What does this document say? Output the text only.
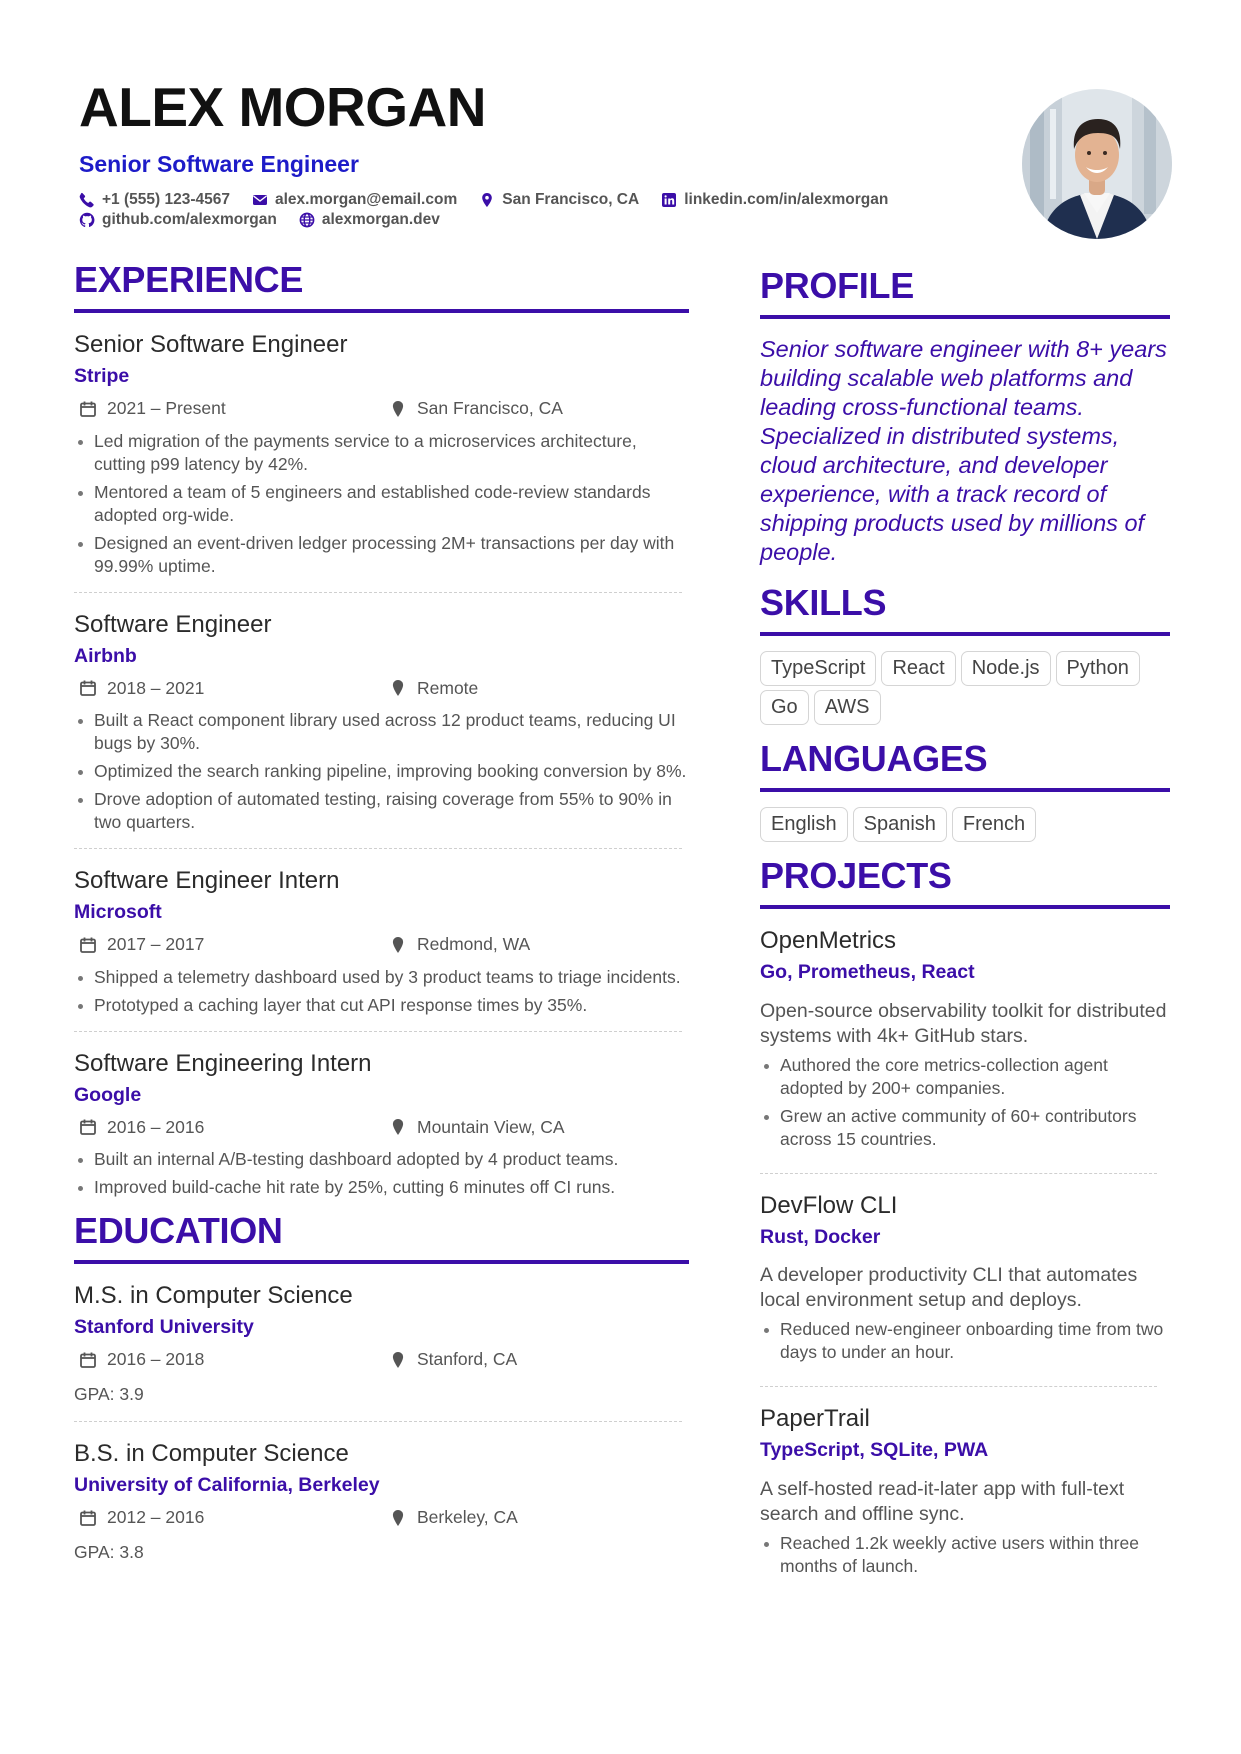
ALEX MORGAN
Senior Software Engineer
+1 (555) 123-4567	alex.morgan@email.com	San Francisco, CA	linkedin.com/in/alexmorgan
github.com/alexmorgan	alexmorgan.dev
EXPERIENCE
Senior Software Engineer
Stripe
2021 – Present	San Francisco, CA
Led migration of the payments service to a microservices architecture, cutting p99 latency by 42%.
Mentored a team of 5 engineers and established code-review standards adopted org-wide.
Designed an event-driven ledger processing 2M+ transactions per day with 99.99% uptime.
Software Engineer
Airbnb
2018 – 2021	Remote
Built a React component library used across 12 product teams, reducing UI bugs by 30%.
Optimized the search ranking pipeline, improving booking conversion by 8%.
Drove adoption of automated testing, raising coverage from 55% to 90% in two quarters.
Software Engineer Intern
Microsoft
2017 – 2017	Redmond, WA
Shipped a telemetry dashboard used by 3 product teams to triage incidents.
Prototyped a caching layer that cut API response times by 35%.
Software Engineering Intern
Google
2016 – 2016	Mountain View, CA
Built an internal A/B-testing dashboard adopted by 4 product teams.
Improved build-cache hit rate by 25%, cutting 6 minutes off CI runs.
EDUCATION
M.S. in Computer Science
Stanford University
2016 – 2018	Stanford, CA
GPA: 3.9
B.S. in Computer Science
University of California, Berkeley
2012 – 2016	Berkeley, CA
GPA: 3.8
PROFILE
Senior software engineer with 8+ years building scalable web platforms and leading cross-functional teams. Specialized in distributed systems, cloud architecture, and developer experience, with a track record of shipping products used by millions of people.
SKILLS
TypeScript	React	Node.js	Python
Go	AWS
LANGUAGES
English	Spanish	French
PROJECTS
OpenMetrics
Go, Prometheus, React
Open-source observability toolkit for distributed systems with 4k+ GitHub stars.
Authored the core metrics-collection agent adopted by 200+ companies.
Grew an active community of 60+ contributors across 15 countries.
DevFlow CLI
Rust, Docker
A developer productivity CLI that automates local environment setup and deploys.
Reduced new-engineer onboarding time from two days to under an hour.
PaperTrail
TypeScript, SQLite, PWA
A self-hosted read-it-later app with full-text search and offline sync.
Reached 1.2k weekly active users within three months of launch.
